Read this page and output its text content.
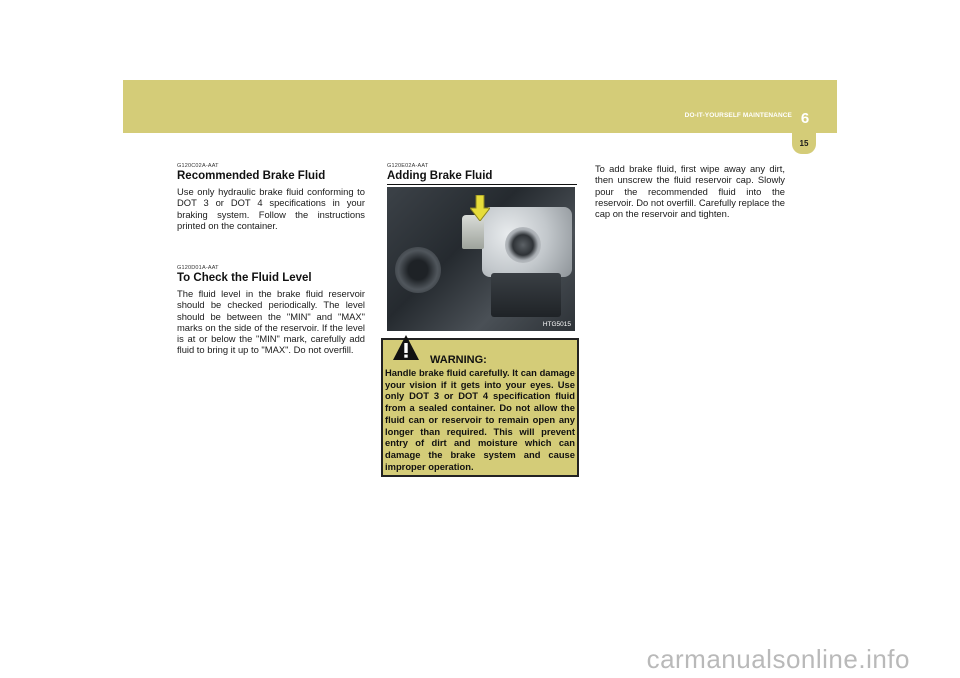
DO-IT-YOURSELF MAINTENANCE 6
15
G120C02A-AAT
Recommended Brake Fluid

Use only hydraulic brake fluid conforming to DOT 3 or DOT 4 specifications in your braking system. Follow the instructions printed on the container.

G120D01A-AAT
To Check the Fluid Level

The fluid level in the brake fluid reservoir should be checked periodically. The level should be between the "MIN" and "MAX" marks on the side of the reservoir. If the level is at or below the "MIN" mark, carefully add fluid to bring it up to "MAX". Do not overfill.

G120E02A-AAT
Adding Brake Fluid
HTG5015
WARNING:

Handle brake fluid carefully. It can damage your vision if it gets into your eyes. Use only DOT 3 or DOT 4 specification fluid from a sealed container. Do not allow the fluid can or reservoir to remain open any longer than required. This will prevent entry of dirt and moisture which can damage the brake system and cause improper operation.

To add brake fluid, first wipe away any dirt, then unscrew the fluid reservoir cap. Slowly pour the recommended fluid into the reservoir. Do not overfill. Carefully replace the cap on the reservoir and tighten.

carmanualsonline.info
